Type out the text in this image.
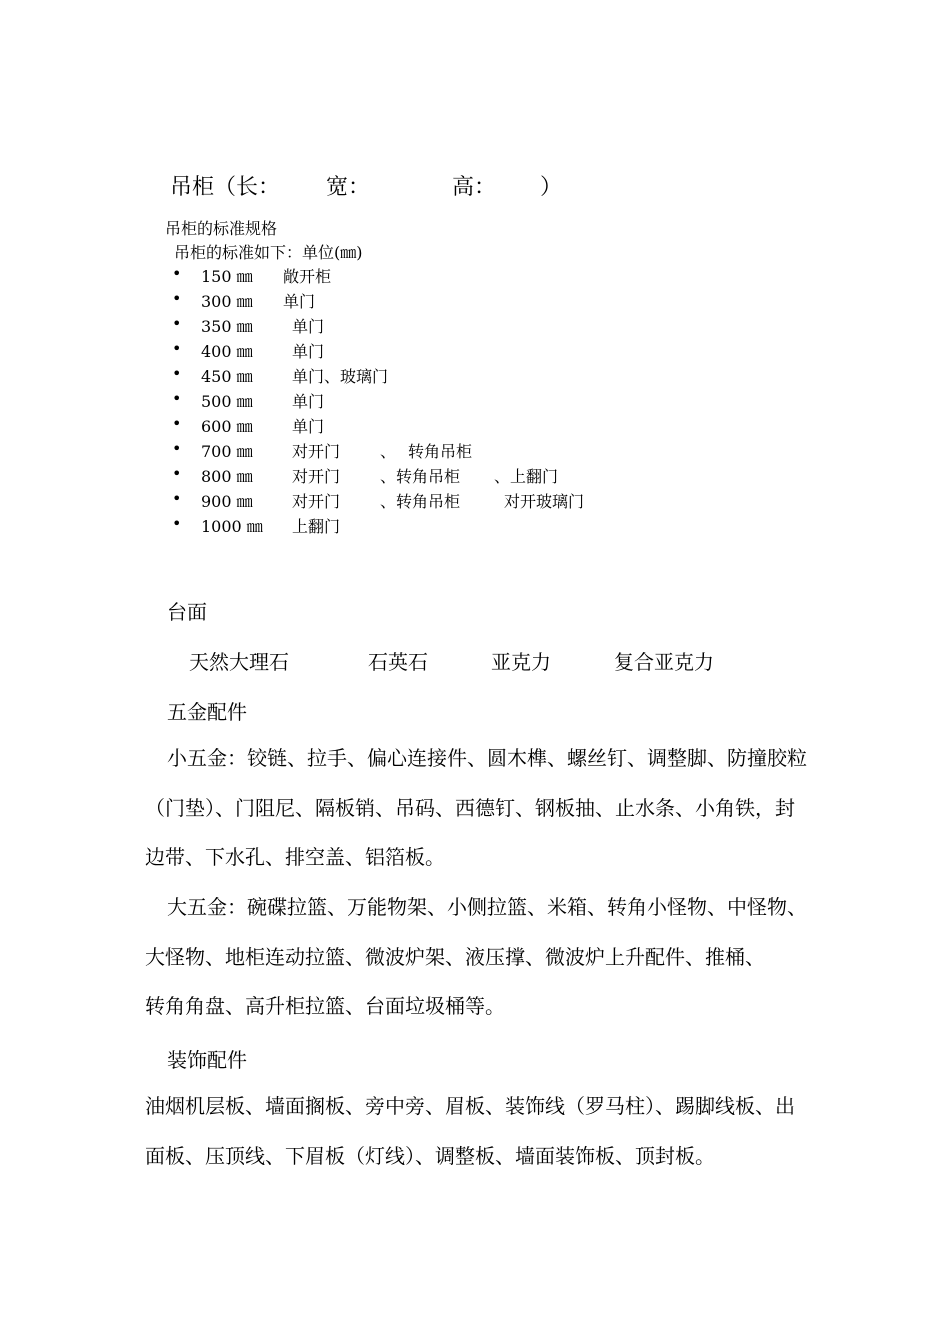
吊柜（长： 宽：	高： ）
吊柜的标准规格
吊柜的标准如下：单位(㎜)
• 150 ㎜ 敞开柜
• 300 ㎜ 单门
• 350 ㎜ 单门
• 400 ㎜ 单门
• 450 ㎜ 单门、玻璃门
• 500 ㎜ 单门
• 600 ㎜ 单门
• 700 ㎜ 对开门 、 转角吊柜
• 800 ㎜ 对开门 、转角吊柜 、上翻门
• 900 ㎜ 对开门 、转角吊柜	对开玻璃门
• 1000 ㎜ 上翻门
台面
天然大理石	石英石	亚克力	复合亚克力
五金配件
小五金：铰链、拉手、偏心连接件、圆木榫、螺丝钉、调整脚、防撞胶粒（门垫）、门阻尼、隔板销、吊码、西德钉、钢板抽、止水条、小角铁，封边带、下水孔、排空盖、铝箔板。
大五金：碗碟拉篮、万能物架、小侧拉篮、米箱、转角小怪物、中怪物、大怪物、地柜连动拉篮、微波炉架、液压撑、微波炉上升配件、推桶、　　转角角盘、高升柜拉篮、台面垃圾桶等。
装饰配件
油烟机层板、墙面搁板、旁中旁、眉板、装饰线（罗马柱）、踢脚线板、出面板、压顶线、下眉板（灯线）、调整板、墙面装饰板、顶封板。
